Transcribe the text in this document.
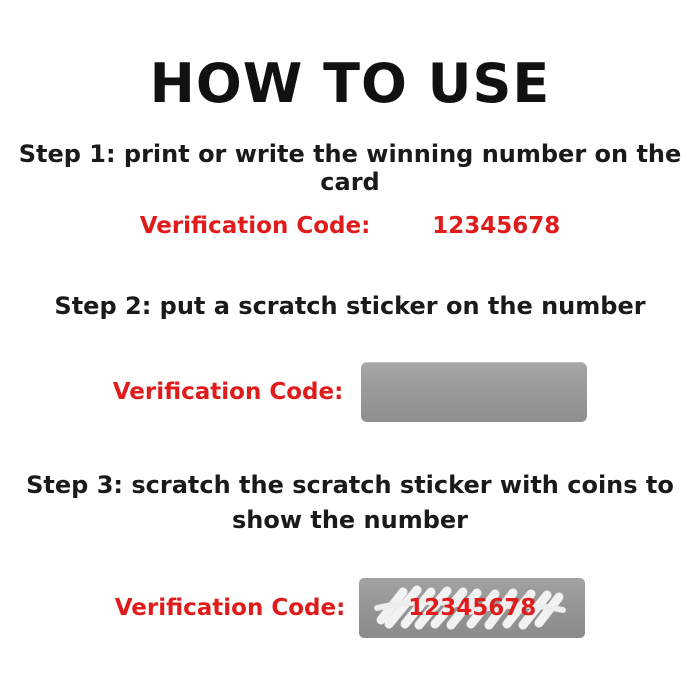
HOW TO USE
Step 1: print or write the winning number on the card
Verification Code:	12345678
Step 2: put a scratch sticker on the number
Verification Code:
Step 3: scratch the scratch sticker with coins to show the number
Verification Code:	12345678
